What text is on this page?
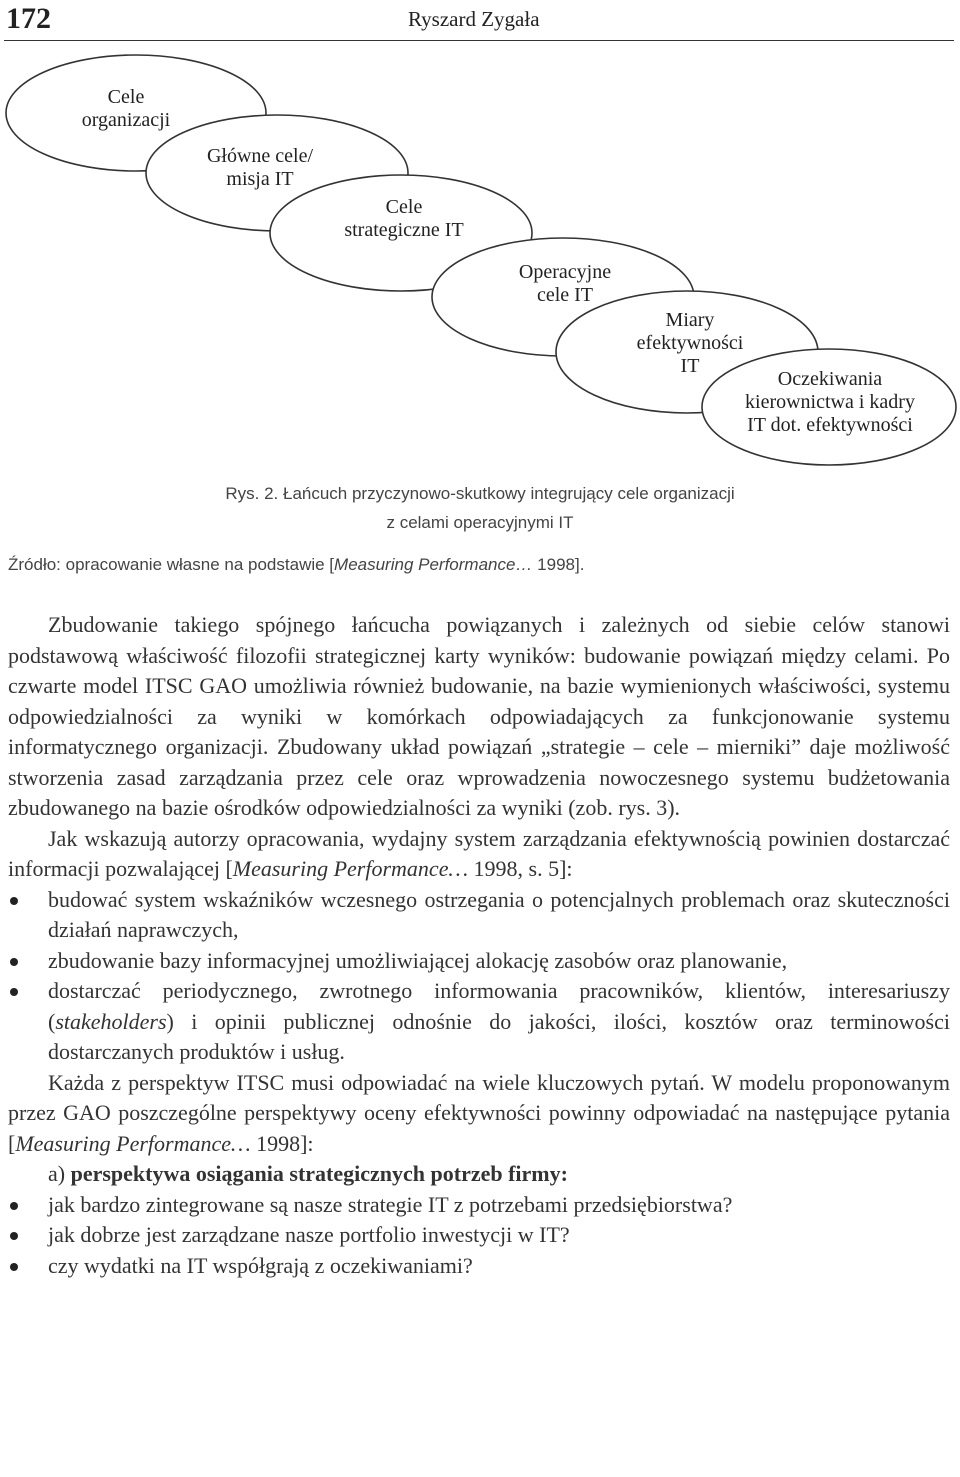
172	Ryszard Zygała
Cele
organizacji
Główne cele/
misja IT
Cele
strategiczne IT
Operacyjne
cele IT
Miary
efektywności
IT
Oczekiwania
kierownictwa i kadry
IT dot. efektywności
Rys. 2. Łańcuch przyczynowo-skutkowy integrujący cele organizacji
z celami operacyjnymi IT
Źródło: opracowanie własne na podstawie [Measuring Performance… 1998].

Zbudowanie takiego spójnego łańcucha powiązanych i zależnych od siebie celów stanowi podstawową właściwość filozofii strategicznej karty wyników: budowanie powiązań między celami. Po czwarte model ITSC GAO umożliwia również budowanie, na bazie wymienionych właściwości, systemu odpowiedzialności za wyniki w komórkach odpowiadających za funkcjonowanie systemu informatycznego organizacji. Zbudowany układ powiązań „strategie – cele – mierniki” daje możliwość stworzenia zasad zarządzania przez cele oraz wprowadzenia nowoczesnego systemu budżetowania zbudowanego na bazie ośrodków odpowiedzialności za wyniki (zob. rys. 3).

Jak wskazują autorzy opracowania, wydajny system zarządzania efektywnością powinien dostarczać informacji pozwalającej [Measuring Performance… 1998, s. 5]:

budować system wskaźników wczesnego ostrzegania o potencjalnych problemach oraz skuteczności działań naprawczych,
zbudowanie bazy informacyjnej umożliwiającej alokację zasobów oraz planowanie,
dostarczać periodycznego, zwrotnego informowania pracowników, klientów, interesariuszy (stakeholders) i opinii publicznej odnośnie do jakości, ilości, kosztów oraz terminowości dostarczanych produktów i usług.

Każda z perspektyw ITSC musi odpowiadać na wiele kluczowych pytań. W modelu proponowanym przez GAO poszczególne perspektywy oceny efektywności powinny odpowiadać na następujące pytania [Measuring Performance… 1998]:

a) perspektywa osiągania strategicznych potrzeb firmy:

jak bardzo zintegrowane są nasze strategie IT z potrzebami przedsiębiorstwa?
jak dobrze jest zarządzane nasze portfolio inwestycji w IT?
czy wydatki na IT współgrają z oczekiwaniami?
